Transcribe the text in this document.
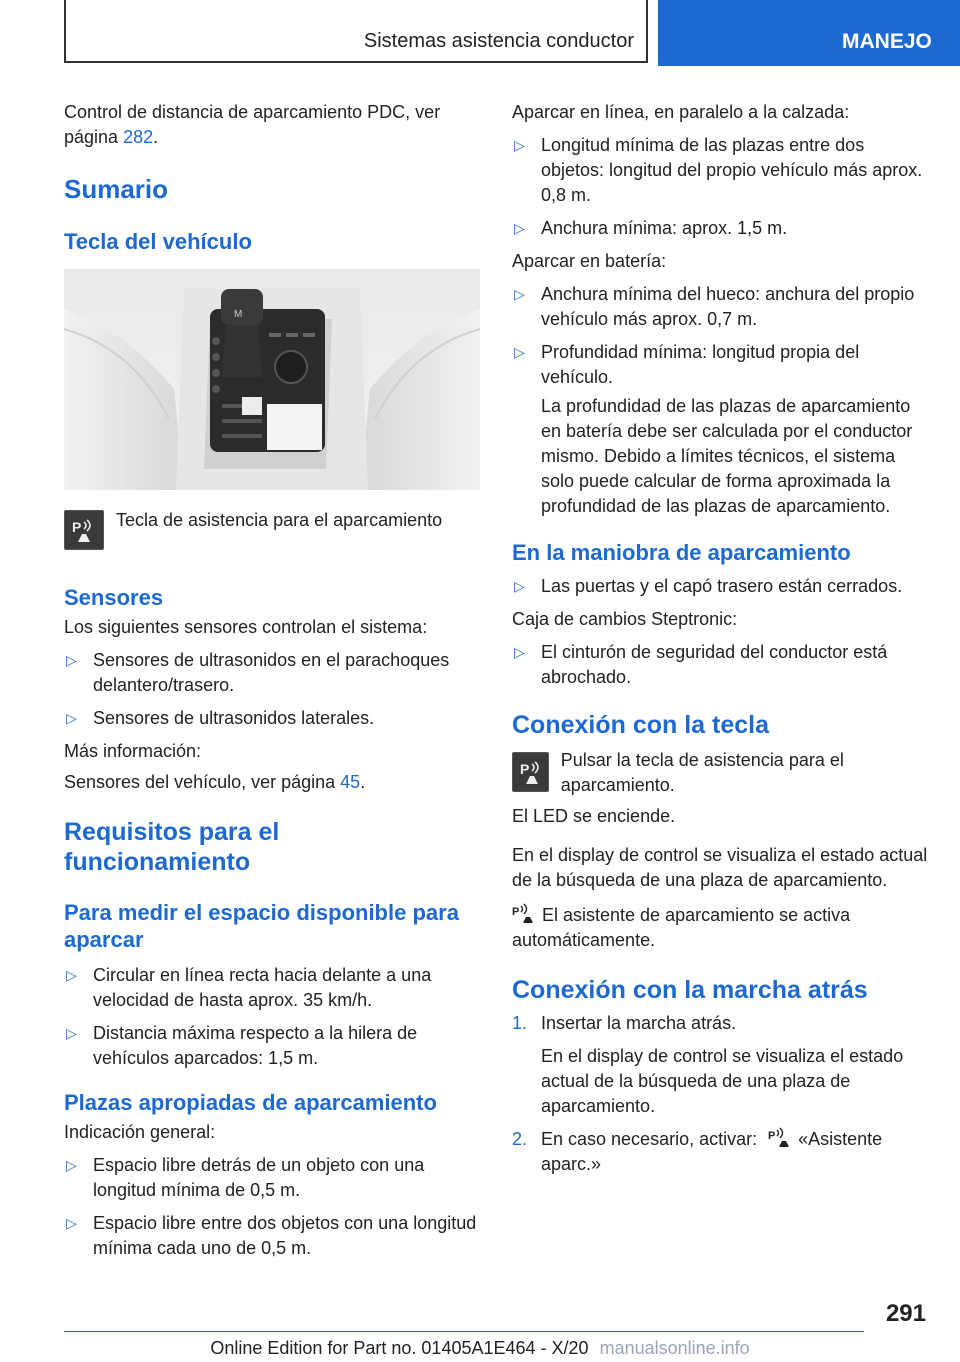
Sistemas asistencia conductor	MANEJO

Control de distancia de aparcamiento PDC, ver página 282.

Sumario
Tecla del vehículo
M
P Tecla de asistencia para el aparcamiento
Sensores

Los siguientes sensores controlan el sistema:

▷ Sensores de ultrasonidos en el parachoques delantero/trasero.
▷ Sensores de ultrasonidos laterales.

Más información:

Sensores del vehículo, ver página 45.

Requisitos para el funcionamiento
Para medir el espacio disponible para aparcar
▷ Circular en línea recta hacia delante a una velocidad de hasta aprox. 35 km/h.
▷ Distancia máxima respecto a la hilera de vehículos aparcados: 1,5 m.
Plazas apropiadas de aparcamiento

Indicación general:

▷ Espacio libre detrás de un objeto con una longitud mínima de 0,5 m.
▷ Espacio libre entre dos objetos con una longitud mínima cada uno de 0,5 m.

Aparcar en línea, en paralelo a la calzada:

▷ Longitud mínima de las plazas entre dos objetos: longitud del propio vehículo más aprox. 0,8 m.
▷ Anchura mínima: aprox. 1,5 m.

Aparcar en batería:

▷ Anchura mínima del hueco: anchura del propio vehículo más aprox. 0,7 m.
▷ Profundidad mínima: longitud propia del vehículo.

La profundidad de las plazas de aparcamiento en batería debe ser calculada por el conductor mismo. Debido a límites técnicos, el sistema solo puede calcular de forma aproximada la profundidad de las plazas de aparcamiento.

En la maniobra de aparcamiento
▷ Las puertas y el capó trasero están cerrados.

Caja de cambios Steptronic:

▷ El cinturón de seguridad del conductor está abrochado.
Conexión con la tecla
P Pulsar la tecla de asistencia para el aparcamiento.

El LED se enciende.

En el display de control se visualiza el estado actual de la búsqueda de una plaza de aparcamiento.

P El asistente de aparcamiento se activa automáticamente.

Conexión con la marcha atrás
1. Insertar la marcha atrás.
En el display de control se visualiza el estado actual de la búsqueda de una plaza de aparcamiento.
2. En caso necesario, activar: P «Asistente aparc.»
291
Online Edition for Part no. 01405A1E464 - X/20 manualsonline.info
